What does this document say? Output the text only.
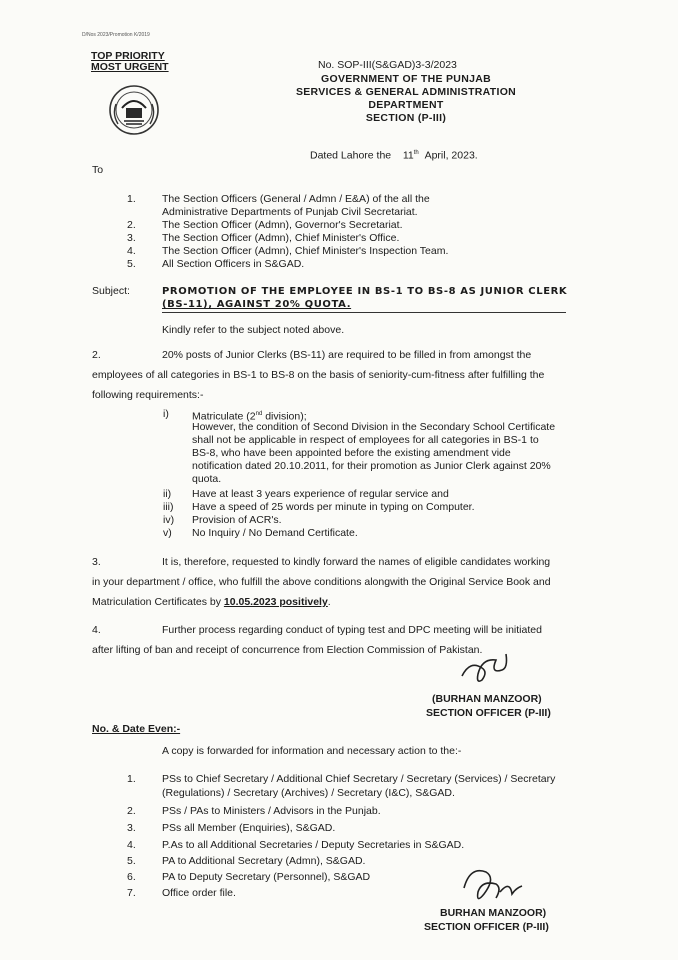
D/Nos 2023/Promotion K/2019
TOP PRIORITY
MOST URGENT	No. SOP-III(S&GAD)3-3/2023
GOVERNMENT OF THE PUNJAB
SERVICES & GENERAL ADMINISTRATION
DEPARTMENT
SECTION (P-III)
Dated Lahore the 11th April, 2023.
To
1.	The Section Officers (General / Admn / E&A) of the all the
Administrative Departments of Punjab Civil Secretariat.
2.	The Section Officer (Admn), Governor's Secretariat.
3.	The Section Officer (Admn), Chief Minister's Office.
4.	The Section Officer (Admn), Chief Minister's Inspection Team.
5.	All Section Officers in S&GAD.
Subject:	PROMOTION OF THE EMPLOYEE IN BS-1 TO BS-8 AS JUNIOR CLERK
(BS-11), AGAINST 20% QUOTA.
Kindly refer to the subject noted above.
2.	20% posts of Junior Clerks (BS-11) are required to be filled in from amongst the
employees of all categories in BS-1 to BS-8 on the basis of seniority-cum-fitness after fulfilling the
following requirements:-
i)	Matriculate (2nd division);
However, the condition of Second Division in the Secondary School Certificate
shall not be applicable in respect of employees for all categories in BS-1 to
BS-8, who have been appointed before the existing amendment vide
notification dated 20.10.2011, for their promotion as Junior Clerk against 20%
quota.
ii)	Have at least 3 years experience of regular service and
iii)	Have a speed of 25 words per minute in typing on Computer.
iv)	Provision of ACR's.
v)	No Inquiry / No Demand Certificate.
3.	It is, therefore, requested to kindly forward the names of eligible candidates working
in your department / office, who fulfill the above conditions alongwith the Original Service Book and
Matriculation Certificates by 10.05.2023 positively.
4.	Further process regarding conduct of typing test and DPC meeting will be initiated
after lifting of ban and receipt of concurrence from Election Commission of Pakistan.
(BURHAN MANZOOR)
SECTION OFFICER (P-III)
No. & Date Even:-
A copy is forwarded for information and necessary action to the:-
1.	PSs to Chief Secretary / Additional Chief Secretary / Secretary (Services) / Secretary
(Regulations) / Secretary (Archives) / Secretary (I&C), S&GAD.
2.	PSs / PAs to Ministers / Advisors in the Punjab.
3.	PSs all Member (Enquiries), S&GAD.
4.	P.As to all Additional Secretaries / Deputy Secretaries in S&GAD.
5.	PA to Additional Secretary (Admn), S&GAD.
6.	PA to Deputy Secretary (Personnel), S&GAD
7.	Office order file.
BURHAN MANZOOR)
SECTION OFFICER (P-III)
